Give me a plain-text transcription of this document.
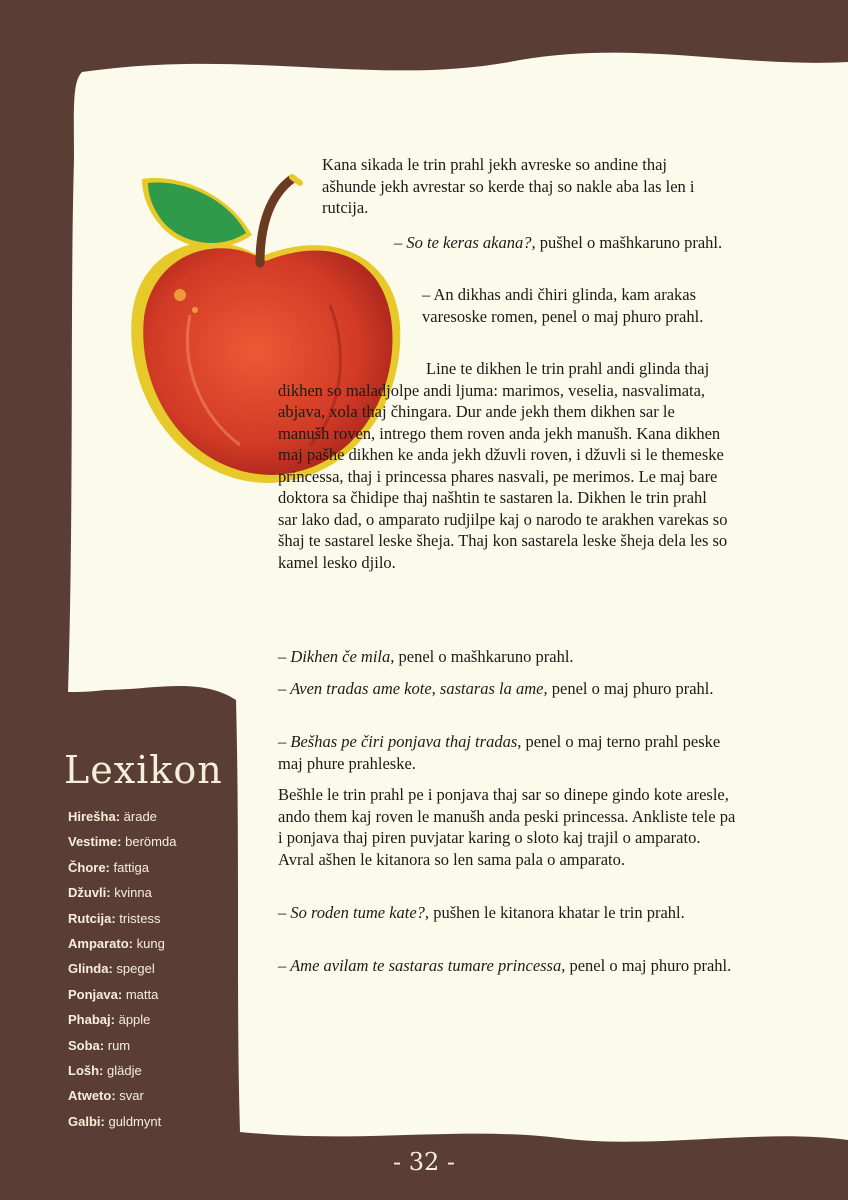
Kana sikada le trin prahl jekh avreske so andine thaj ašhunde jekh avrestar so kerde thaj so nakle aba las len i rutcija.

– So te keras akana?, pušhel o mašhkaruno prahl.

– An dikhas andi čhiri glinda, kam arakas varesoske romen, penel o maj phuro prahl.

Line te dikhen le trin prahl andi glinda thaj dikhen so maladjolpe andi ljuma: marimos, veselia, nasvalimata, abjava, xola thaj čhingara. Dur ande jekh them dikhen sar le manušh roven, intrego them roven anda jekh manušh. Kana dikhen maj pašhe dikhen ke anda jekh džuvli roven, i džuvli si le themeske princessa, thaj i princessa phares nasvali, pe merimos. Le maj bare doktora sa čhidipe thaj našhtin te sastaren la. Dikhen le trin prahl sar lako dad, o amparato rudjilpe kaj o narodo te arakhen varekas so šhaj te sastarel leske šheja. Thaj kon sastarela leske šheja dela les so kamel lesko djilo.

– Dikhen če mila, penel o mašhkaruno prahl.

– Aven tradas ame kote, sastaras la ame, penel o maj phuro prahl.

– Bešhas pe čiri ponjava thaj tradas, penel o maj terno prahl peske maj phure prahleske.

Bešhle le trin prahl pe i ponjava thaj sar so dinepe gindo kote aresle, ando them kaj roven le manušh anda peski princessa. Ankliste tele pa i ponjava thaj piren puvjatar karing o sloto kaj trajil o amparato. Avral ašhen le kitanora so len sama pala o amparato.

– So roden tume kate?, pušhen le kitanora khatar le trin prahl.

– Ame avilam te sastaras tumare princessa, penel o maj phuro prahl.

Lexikon
Hirešha: ärade
Vestime: berömda
Čhore: fattiga
Džuvli: kvinna
Rutcija: tristess
Amparato: kung
Glinda: spegel
Ponjava: matta
Phabaj: äpple
Soba: rum
Lošh: glädje
Atweto: svar
Galbi: guldmynt
- 32 -
